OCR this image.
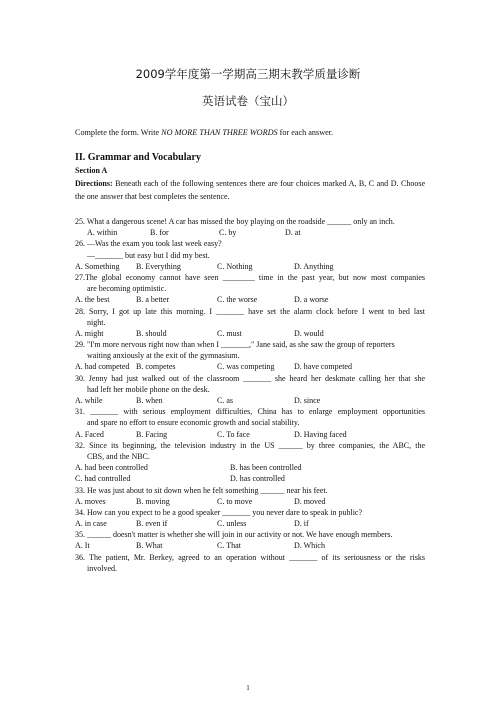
2009学年度第一学期高三期末教学质量诊断
英语试卷（宝山）
Complete the form. Write NO MORE THAN THREE WORDS for each answer.
II. Grammar and Vocabulary
Section A
Directions: Beneath each of the following sentences there are four choices marked A, B, C and D. Choose the one answer that best completes the sentence.
25. What a dangerous scene! A car has missed the boy playing on the roadside ______ only an inch.
A. within	B. for	C. by	D. at
26. —Was the exam you took last week easy?
—_______ but easy but I did my best.
A. Something	B. Everything	C. Nothing	D. Anything
27.The global economy cannot have seen ________ time in the past year, but now most companies
are becoming optimistic.
A. the best	B. a better	C. the worse	D. a worse
28. Sorry, I got up late this morning. I _______ have set the alarm clock before I went to bed last
night.
A. might	B. should	C. must	D. would
29. "I'm more nervous right now than when I _______," Jane said, as she saw the group of reporters
waiting anxiously at the exit of the gymnasium.
A. had competed B. competes	C. was competing	D. have competed
30. Jenny had just walked out of the classroom _______ she heard her deskmate calling her that she
had left her mobile phone on the desk.
A. while	B. when	C. as	D. since
31. _______ with serious employment difficulties, China has to enlarge employment opportunities
and spare no effort to ensure economic growth and social stability.
A. Faced	B. Facing	C. To face	D. Having faced
32. Since its beginning, the television industry in the US ______ by three companies, the ABC, the
CBS, and the NBC.
A. had been controlled	B. has been controlled
C. had controlled	D. has controlled
33. He was just about to sit down when he felt something ______ near his feet.
A. moves	B. moving	C. to move	D. moved
34. How can you expect to be a good speaker _______ you never dare to speak in public?
A. in case	B. even if	C. unless	D. if
35. ______ doesn't matter is whether she will join in our activity or not. We have enough members.
A. It	B. What	C. That	D. Which
36. The patient, Mr. Berkey, agreed to an operation without _______ of its seriousness or the risks
involved.
1
